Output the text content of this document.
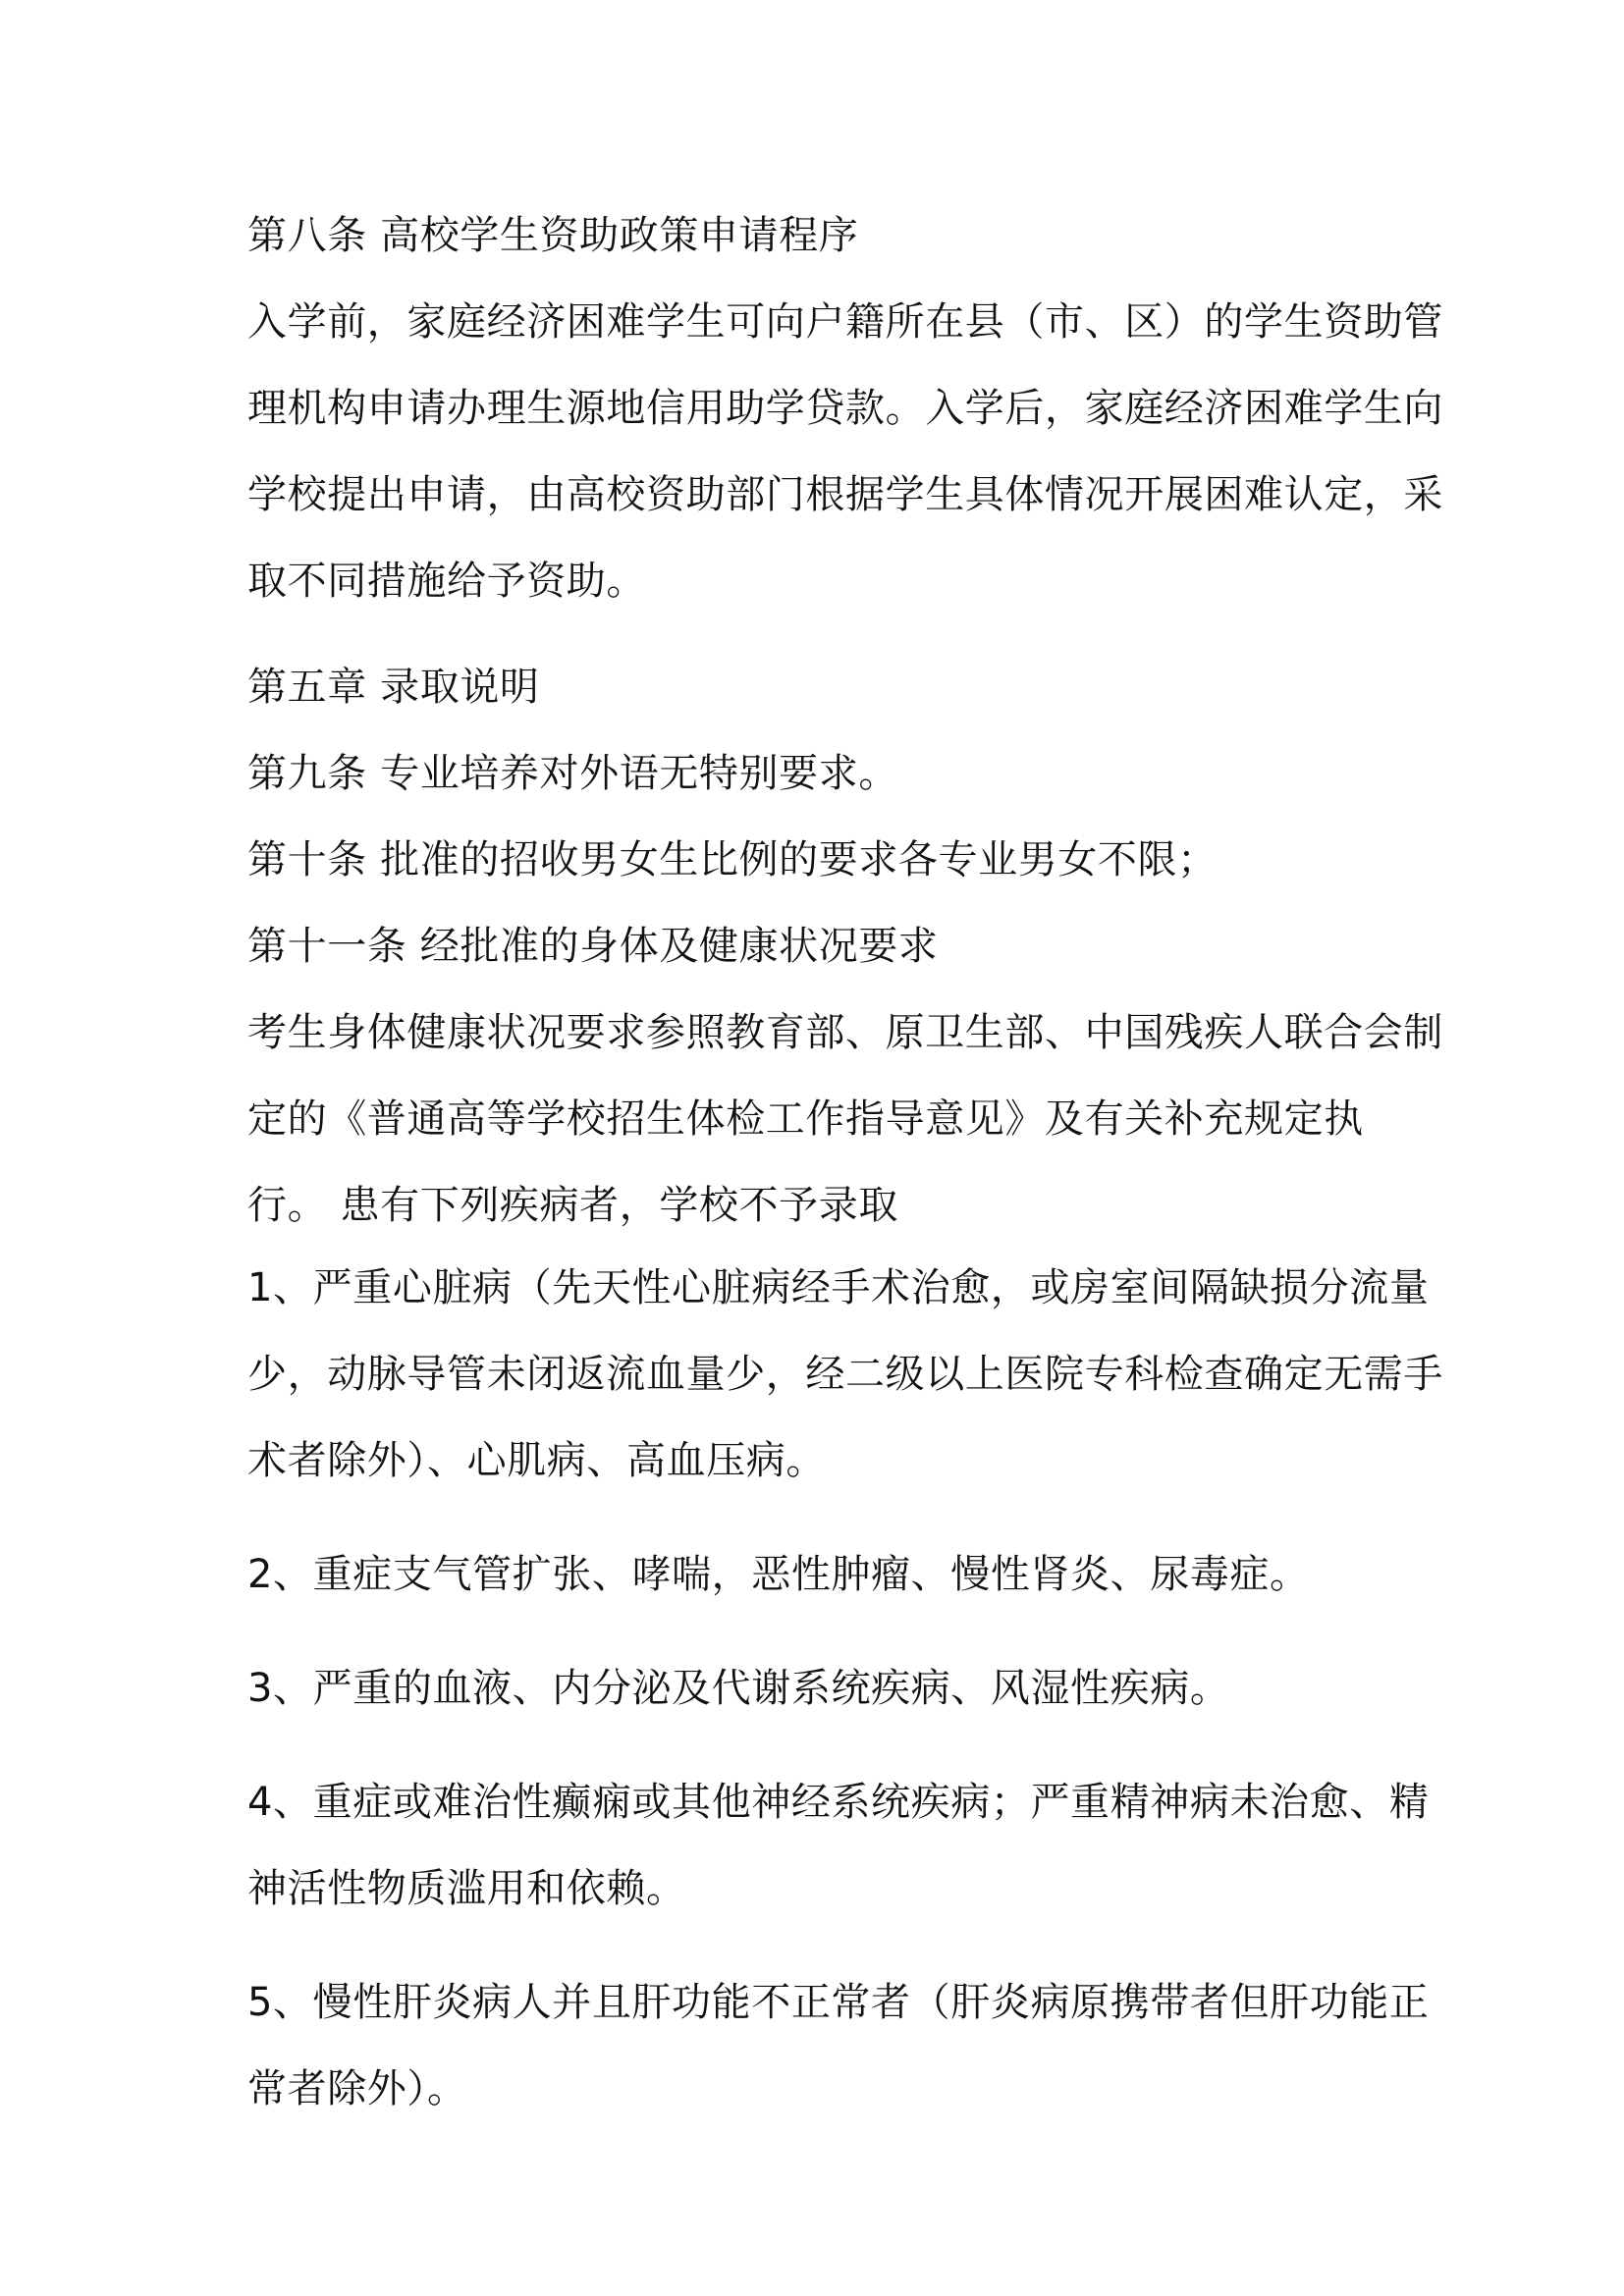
第八条 高校学生资助政策申请程序

入学前，家庭经济困难学生可向户籍所在县（市、区）的学生资助管

理机构申请办理生源地信用助学贷款。入学后，家庭经济困难学生向

学校提出申请，由高校资助部门根据学生具体情况开展困难认定，采

取不同措施给予资助。

第五章 录取说明

第九条 专业培养对外语无特别要求。

第十条 批准的招收男女生比例的要求各专业男女不限；

第十一条 经批准的身体及健康状况要求

考生身体健康状况要求参照教育部、原卫生部、中国残疾人联合会制

定的《普通高等学校招生体检工作指导意见》及有关补充规定执

行。 患有下列疾病者，学校不予录取

1、严重心脏病（先天性心脏病经手术治愈，或房室间隔缺损分流量

少，动脉导管未闭返流血量少，经二级以上医院专科检查确定无需手

术者除外）、心肌病、高血压病。

2、重症支气管扩张、哮喘，恶性肿瘤、慢性肾炎、尿毒症。

3、严重的血液、内分泌及代谢系统疾病、风湿性疾病。

4、重症或难治性癫痫或其他神经系统疾病；严重精神病未治愈、精

神活性物质滥用和依赖。

5、慢性肝炎病人并且肝功能不正常者（肝炎病原携带者但肝功能正

常者除外）。
